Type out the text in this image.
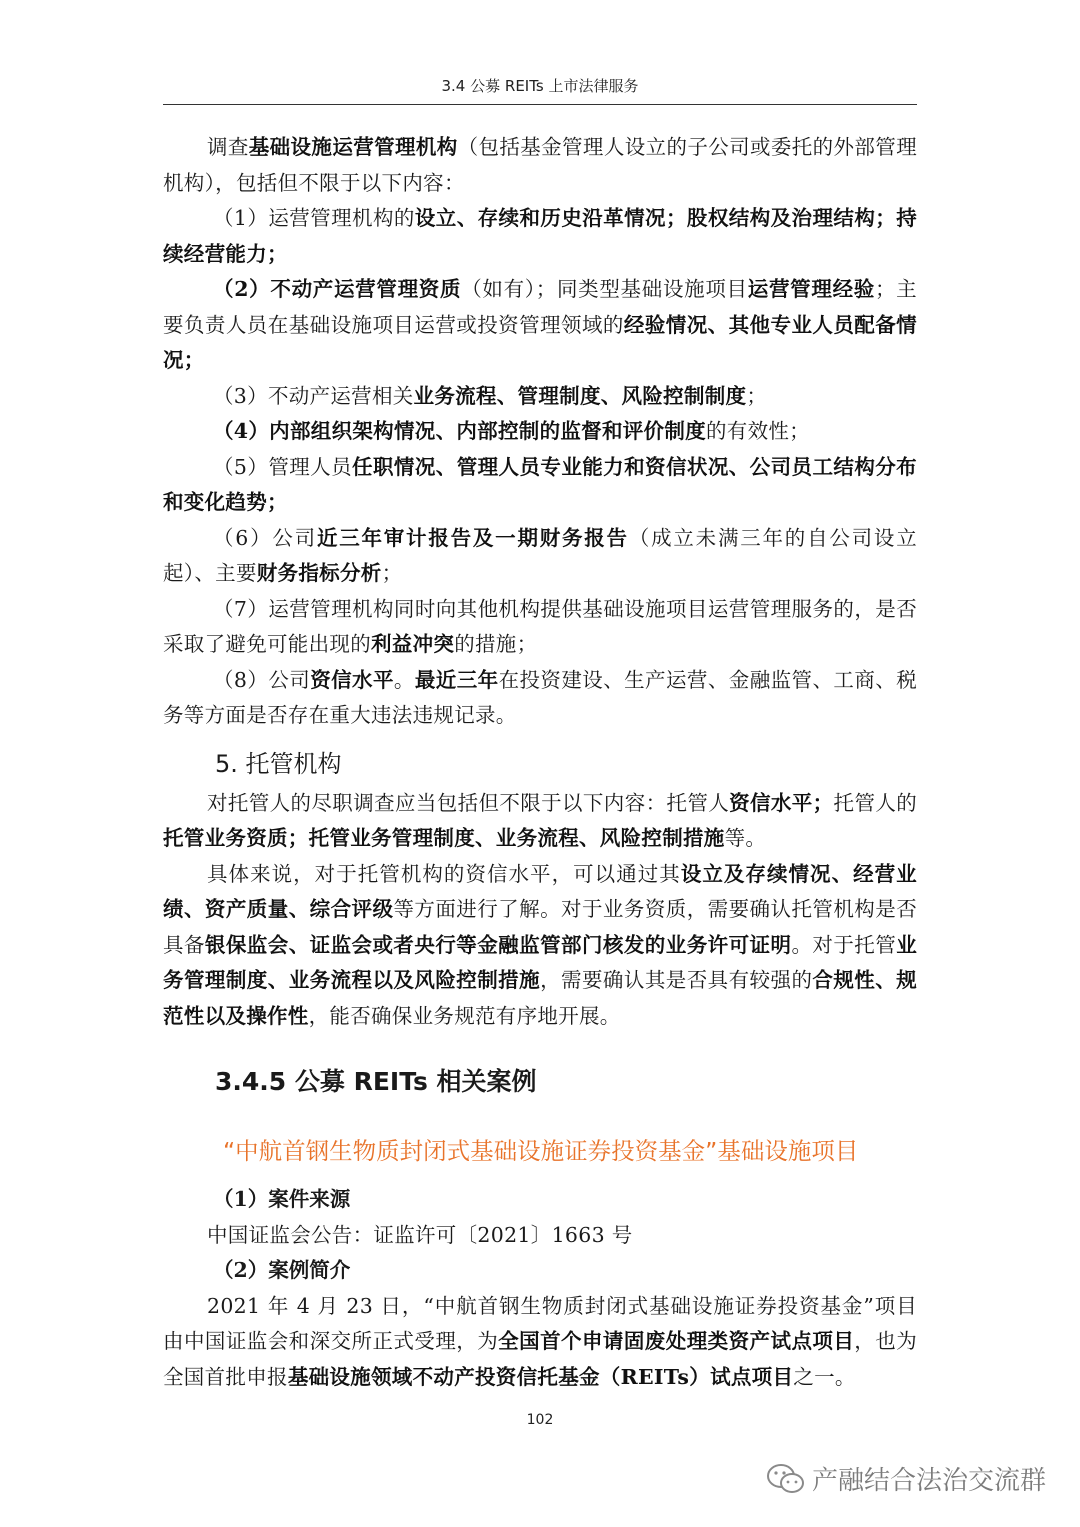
3.4 公募 REITs 上市法律服务

调查基础设施运营管理机构（包括基金管理人设立的子公司或委托的外部管理机构），包括但不限于以下内容：

（1）运营管理机构的设立、存续和历史沿革情况；股权结构及治理结构；持续经营能力；

（2）不动产运营管理资质（如有）；同类型基础设施项目运营管理经验；主要负责人员在基础设施项目运营或投资管理领域的经验情况、其他专业人员配备情况；

（3）不动产运营相关业务流程、管理制度、风险控制制度；

（4）内部组织架构情况、内部控制的监督和评价制度的有效性；

（5）管理人员任职情况、管理人员专业能力和资信状况、公司员工结构分布和变化趋势；

（6）公司近三年审计报告及一期财务报告（成立未满三年的自公司设立起）、主要财务指标分析；

（7）运营管理机构同时向其他机构提供基础设施项目运营管理服务的，是否采取了避免可能出现的利益冲突的措施；

（8）公司资信水平。最近三年在投资建设、生产运营、金融监管、工商、税务等方面是否存在重大违法违规记录。

5. 托管机构

对托管人的尽职调查应当包括但不限于以下内容：托管人资信水平；托管人的托管业务资质；托管业务管理制度、业务流程、风险控制措施等。

具体来说，对于托管机构的资信水平，可以通过其设立及存续情况、经营业绩、资产质量、综合评级等方面进行了解。对于业务资质，需要确认托管机构是否具备银保监会、证监会或者央行等金融监管部门核发的业务许可证明。对于托管业务管理制度、业务流程以及风险控制措施，需要确认其是否具有较强的合规性、规范性以及操作性，能否确保业务规范有序地开展。

3.4.5 公募 REITs 相关案例
“中航首钢生物质封闭式基础设施证券投资基金”基础设施项目

（1）案件来源

中国证监会公告：证监许可〔2021〕1663 号

（2）案例简介

2021 年 4 月 23 日，“中航首钢生物质封闭式基础设施证券投资基金”项目由中国证监会和深交所正式受理，为全国首个申请固废处理类资产试点项目，也为全国首批申报基础设施领域不动产投资信托基金（REITs）试点项目之一。

102
产融结合法治交流群
